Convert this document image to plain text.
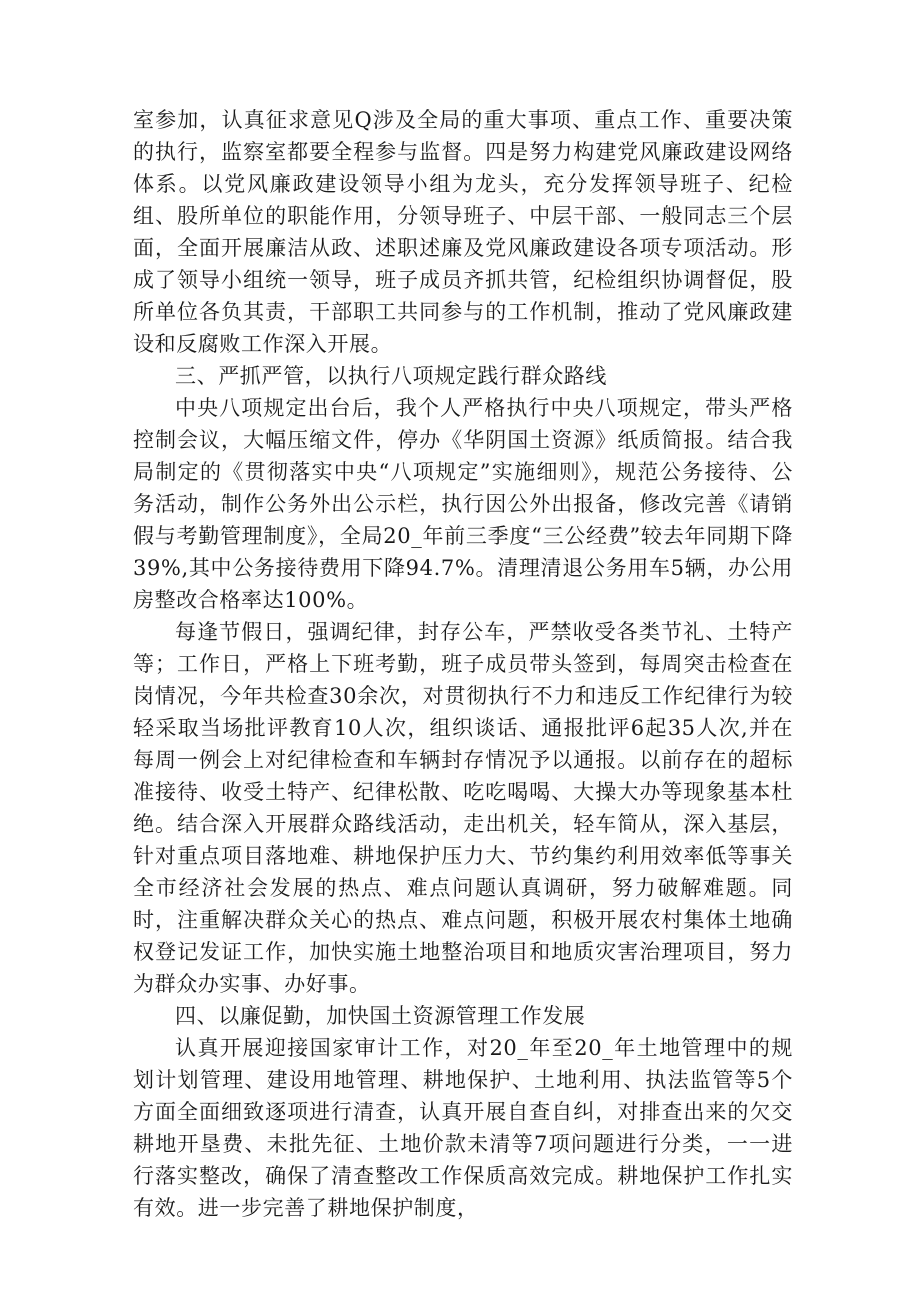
室参加，认真征求意见Q涉及全局的重大事项、重点工作、重要决策的执行，监察室都要全程参与监督。四是努力构建党风廉政建设网络体系。以党风廉政建设领导小组为龙头，充分发挥领导班子、纪检组、股所单位的职能作用，分领导班子、中层干部、一般同志三个层面，全面开展廉洁从政、述职述廉及党风廉政建设各项专项活动。形成了领导小组统一领导，班子成员齐抓共管，纪检组织协调督促，股所单位各负其责，干部职工共同参与的工作机制，推动了党风廉政建设和反腐败工作深入开展。

三、严抓严管，以执行八项规定践行群众路线

中央八项规定出台后，我个人严格执行中央八项规定，带头严格控制会议，大幅压缩文件，停办《华阴国土资源》纸质简报。结合我局制定的《贯彻落实中央“八项规定”实施细则》，规范公务接待、公务活动，制作公务外出公示栏，执行因公外出报备，修改完善《请销假与考勤管理制度》，全局20_年前三季度“三公经费”较去年同期下降39%,其中公务接待费用下降94.7%。清理清退公务用车5辆，办公用房整改合格率达100%。

每逢节假日，强调纪律，封存公车，严禁收受各类节礼、土特产等；工作日，严格上下班考勤，班子成员带头签到，每周突击检查在岗情况，今年共检查30余次，对贯彻执行不力和违反工作纪律行为较轻采取当场批评教育10人次，组织谈话、通报批评6起35人次,并在每周一例会上对纪律检查和车辆封存情况予以通报。以前存在的超标准接待、收受土特产、纪律松散、吃吃喝喝、大操大办等现象基本杜绝。结合深入开展群众路线活动，走出机关，轻车简从，深入基层，针对重点项目落地难、耕地保护压力大、节约集约利用效率低等事关全市经济社会发展的热点、难点问题认真调研，努力破解难题。同时，注重解决群众关心的热点、难点问题，积极开展农村集体土地确权登记发证工作，加快实施土地整治项目和地质灾害治理项目，努力为群众办实事、办好事。

四、以廉促勤，加快国土资源管理工作发展

认真开展迎接国家审计工作，对20_年至20_年土地管理中的规划计划管理、建设用地管理、耕地保护、土地利用、执法监管等5个方面全面细致逐项进行清查，认真开展自查自纠，对排查出来的欠交耕地开垦费、未批先征、土地价款未清等7项问题进行分类，一一进行落实整改，确保了清查整改工作保质高效完成。耕地保护工作扎实有效。进一步完善了耕地保护制度，
